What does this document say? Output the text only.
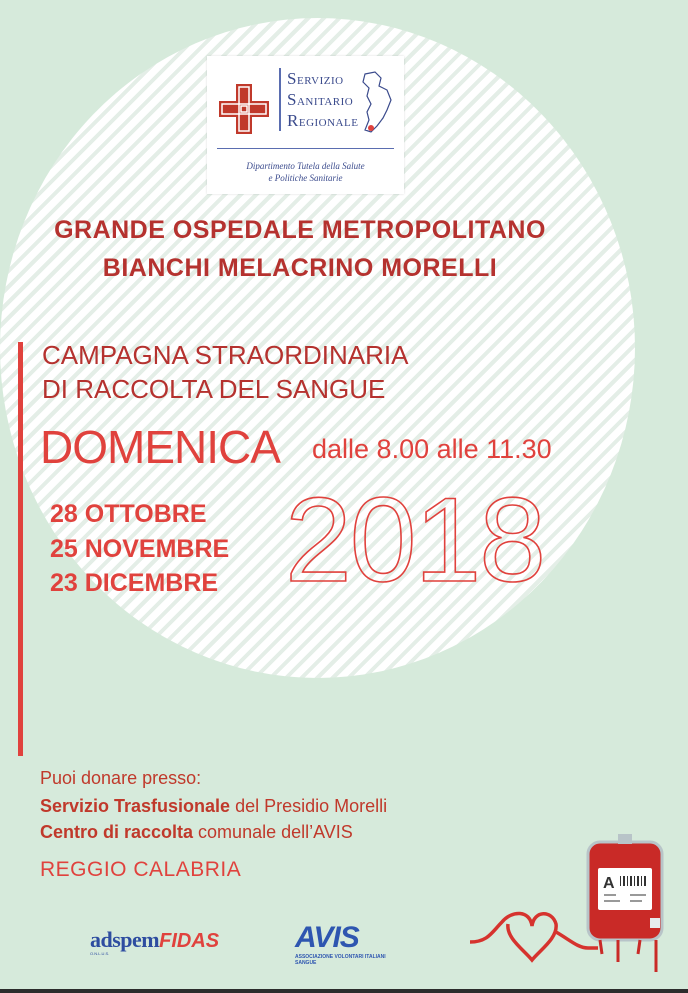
SERVIZIO
SANITARIO
REGIONALE
Dipartimento Tutela della Salute
e Politiche Sanitarie
GRANDE OSPEDALE METROPOLITANO
BIANCHI MELACRINO MORELLI
CAMPAGNA STRAORDINARIA
DI RACCOLTA DEL SANGUE
DOMENICA dalle 8.00 alle 11.30
28 OTTOBRE
25 NOVEMBRE
23 DICEMBRE 2018
Puoi donare presso:
Servizio Trasfusionale del Presidio Morelli
Centro di raccolta comunale dell’AVIS
REGGIO CALABRIA
adspemFIDAS
O.N.L.U.S.	AVIS
ASSOCIAZIONE VOLONTARI ITALIANI SANGUE
A
